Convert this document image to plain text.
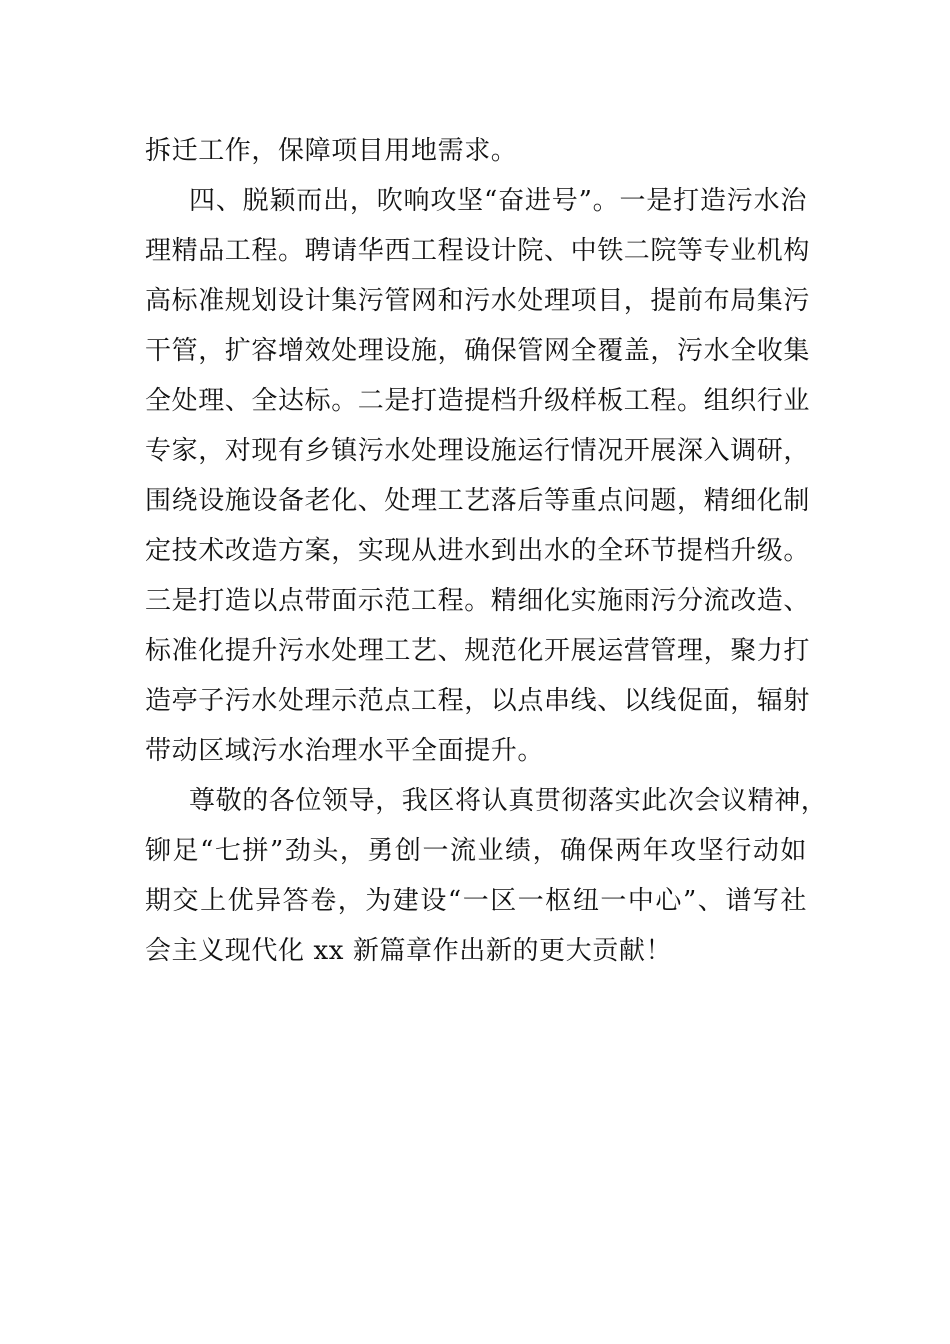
拆迁工作，保障项目用地需求。
四、脱颖而出，吹响攻坚“奋进号”。一是打造污水治
理精品工程。聘请华西工程设计院、中铁二院等专业机构
高标准规划设计集污管网和污水处理项目，提前布局集污
干管，扩容增效处理设施，确保管网全覆盖，污水全收集
全处理、全达标。二是打造提档升级样板工程。组织行业
专家，对现有乡镇污水处理设施运行情况开展深入调研，
围绕设施设备老化、处理工艺落后等重点问题，精细化制
定技术改造方案，实现从进水到出水的全环节提档升级。
三是打造以点带面示范工程。精细化实施雨污分流改造、
标准化提升污水处理工艺、规范化开展运营管理，聚力打
造亭子污水处理示范点工程，以点串线、以线促面，辐射
带动区域污水治理水平全面提升。
尊敬的各位领导，我区将认真贯彻落实此次会议精神，
铆足“七拼”劲头，勇创一流业绩，确保两年攻坚行动如
期交上优异答卷，为建设“一区一枢纽一中心”、谱写社
会主义现代化 xx 新篇章作出新的更大贡献！
